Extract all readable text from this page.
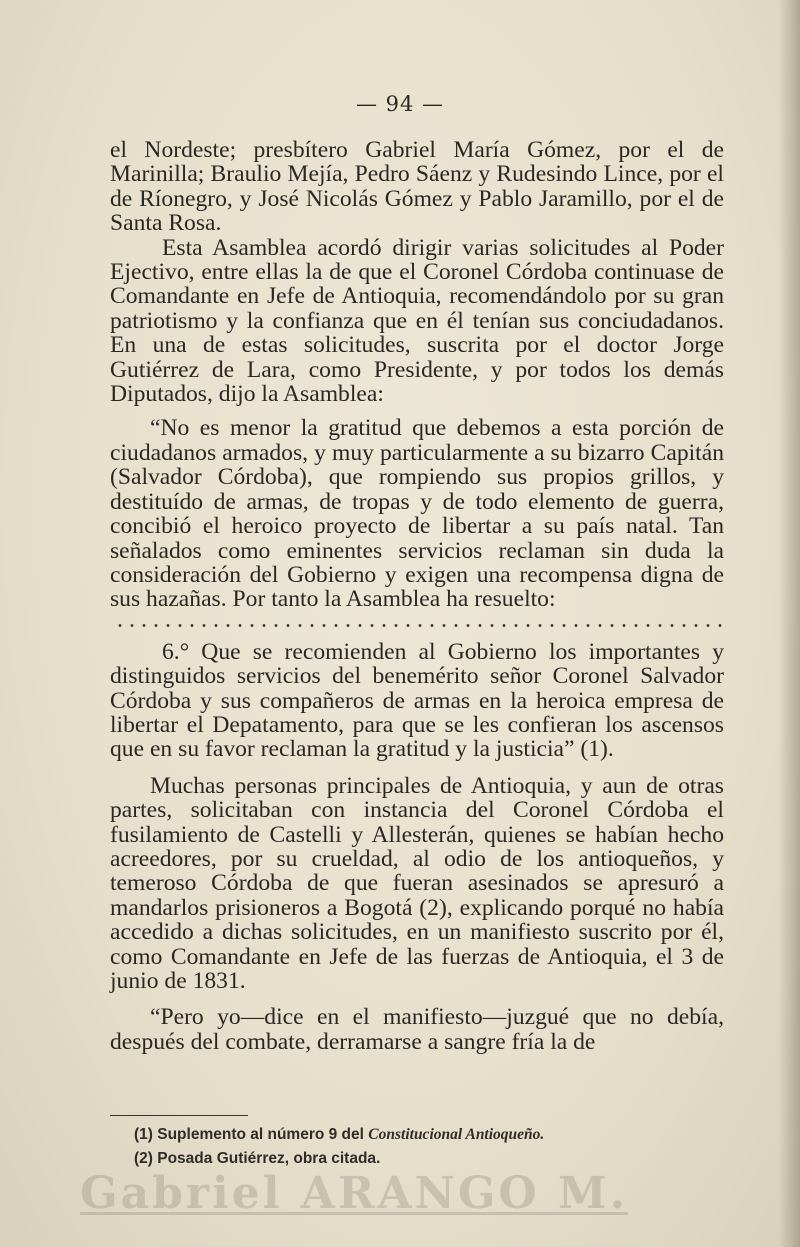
— 94 —

el Nordeste; presbítero Gabriel María Gómez, por el de Marinilla; Braulio Mejía, Pedro Sáenz y Rudesindo Lince, por el de Ríonegro, y José Nicolás Gómez y Pablo Jaramillo, por el de Santa Rosa.

Esta Asamblea acordó dirigir varias solicitudes al Poder Ejectivo, entre ellas la de que el Coronel Córdoba continuase de Comandante en Jefe de Antioquia, recomendándolo por su gran patriotismo y la confianza que en él tenían sus conciudadanos. En una de estas solicitudes, suscrita por el doctor Jorge Gutiérrez de Lara, como Presidente, y por todos los demás Diputados, dijo la Asamblea:

“No es menor la gratitud que debemos a esta porción de ciudadanos armados, y muy particularmente a su bizarro Capitán (Salvador Córdoba), que rompiendo sus propios grillos, y destituído de armas, de tropas y de todo elemento de guerra, concibió el heroico proyecto de libertar a su país natal. Tan señalados como eminentes servicios reclaman sin duda la consideración del Gobierno y exigen una recompensa digna de sus hazañas. Por tanto la Asamblea ha resuelto:

6.° Que se recomienden al Gobierno los importantes y distinguidos servicios del benemérito señor Coronel Salvador Córdoba y sus compañeros de armas en la heroica empresa de libertar el Depatamento, para que se les confieran los ascensos que en su favor reclaman la gratitud y la justicia” (1).

Muchas personas principales de Antioquia, y aun de otras partes, solicitaban con instancia del Coronel Córdoba el fusilamiento de Castelli y Allesterán, quienes se habían hecho acreedores, por su crueldad, al odio de los antioqueños, y temeroso Córdoba de que fueran asesinados se apresuró a mandarlos prisioneros a Bogotá (2), explicando porqué no había accedido a dichas solicitudes, en un manifiesto suscrito por él, como Comandante en Jefe de las fuerzas de Antioquia, el 3 de junio de 1831.

“Pero yo—dice en el manifiesto—juzgué que no debía, después del combate, derramarse a sangre fría la de

(1) Suplemento al número 9 del Constitucional Antioqueño.
(2) Posada Gutiérrez, obra citada.
Gabriel ARANGO M.
